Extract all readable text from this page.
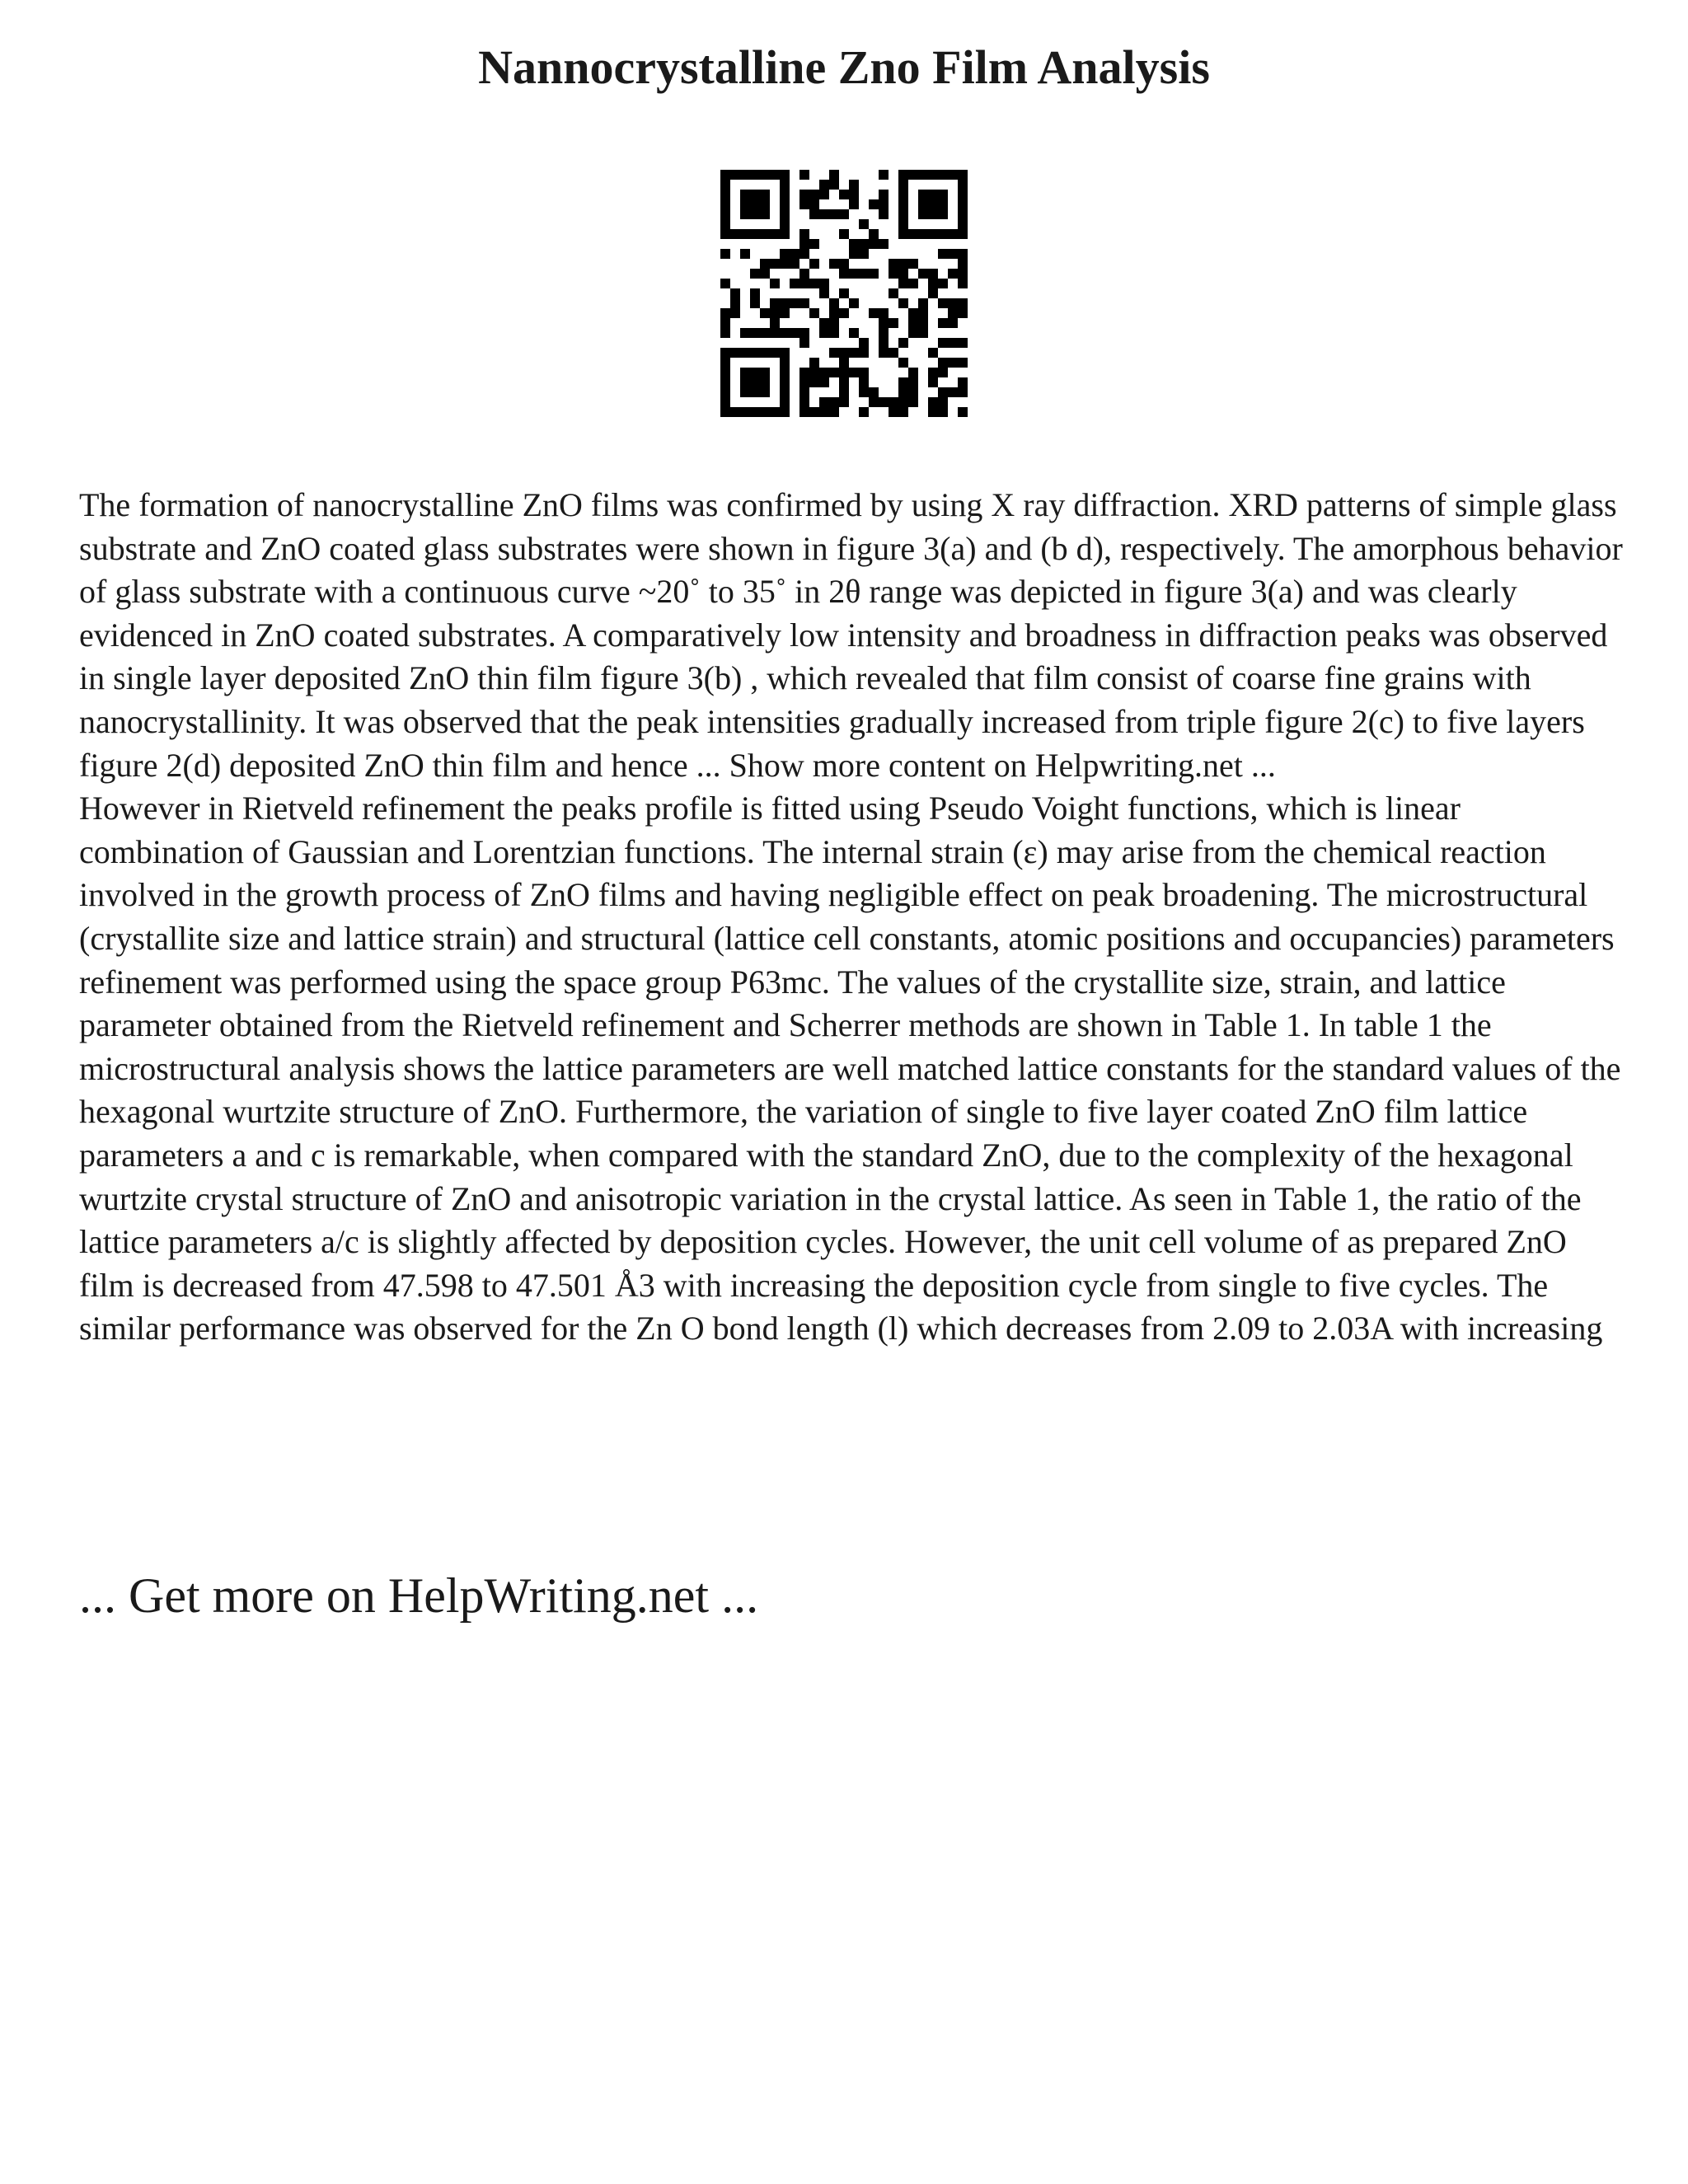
Nannocrystalline Zno Film Analysis

The formation of nanocrystalline ZnO films was confirmed by using X ray diffraction. XRD patterns of simple glass substrate and ZnO coated glass substrates were shown in figure 3(a) and (b d), respectively. The amorphous behavior of glass substrate with a continuous curve ~20˚ to 35˚ in 2θ range was depicted in figure 3(a) and was clearly evidenced in ZnO coated substrates. A comparatively low intensity and broadness in diffraction peaks was observed in single layer deposited ZnO thin film figure 3(b) , which revealed that film consist of coarse fine grains with nanocrystallinity. It was observed that the peak intensities gradually increased from triple figure 2(c) to five layers figure 2(d) deposited ZnO thin film and hence ... Show more content on Helpwriting.net ...

However in Rietveld refinement the peaks profile is fitted using Pseudo Voight functions, which is linear combination of Gaussian and Lorentzian functions. The internal strain (ε) may arise from the chemical reaction involved in the growth process of ZnO films and having negligible effect on peak broadening. The microstructural (crystallite size and lattice strain) and structural (lattice cell constants, atomic positions and occupancies) parameters refinement was performed using the space group P63mc. The values of the crystallite size, strain, and lattice parameter obtained from the Rietveld refinement and Scherrer methods are shown in Table 1. In table 1 the microstructural analysis shows the lattice parameters are well matched lattice constants for the standard values of the hexagonal wurtzite structure of ZnO. Furthermore, the variation of single to five layer coated ZnO film lattice parameters a and c is remarkable, when compared with the standard ZnO, due to the complexity of the hexagonal wurtzite crystal structure of ZnO and anisotropic variation in the crystal lattice. As seen in Table 1, the ratio of the lattice parameters a/c is slightly affected by deposition cycles. However, the unit cell volume of as prepared ZnO film is decreased from 47.598 to 47.501 Å3 with increasing the deposition cycle from single to five cycles. The similar performance was observed for the Zn O bond length (l) which decreases from 2.09 to 2.03A with increasing

... Get more on HelpWriting.net ...
